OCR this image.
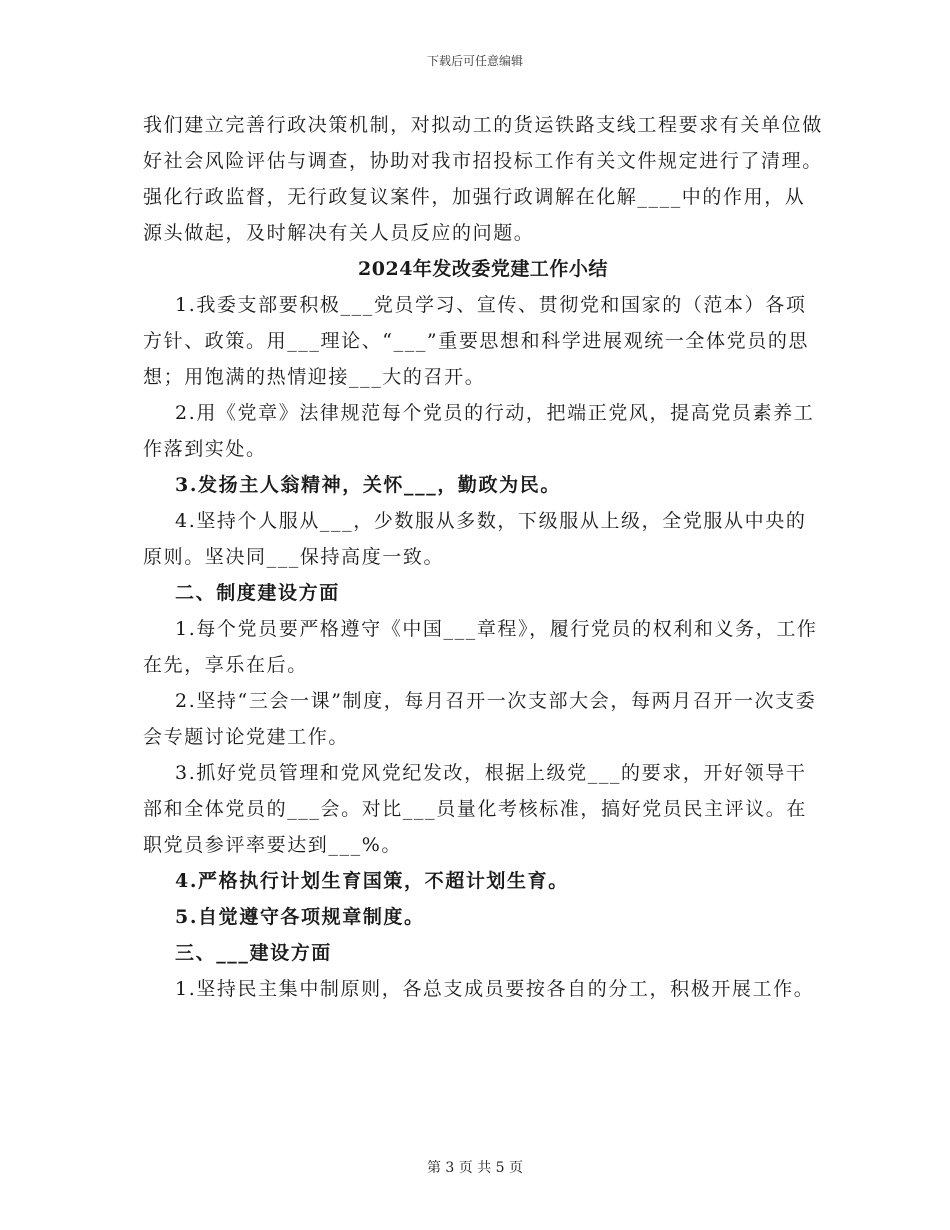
下载后可任意编辑

我们建立完善行政决策机制，对拟动工的货运铁路支线工程要求有关单位做好社会风险评估与调查，协助对我市招投标工作有关文件规定进行了清理。强化行政监督，无行政复议案件，加强行政调解在化解____中的作用，从源头做起，及时解决有关人员反应的问题。

2024年发改委党建工作小结

1.我委支部要积极___党员学习、宣传、贯彻党和国家的（范本）各项方针、政策。用___理论、“___”重要思想和科学进展观统一全体党员的思想；用饱满的热情迎接___大的召开。

2.用《党章》法律规范每个党员的行动，把端正党风，提高党员素养工作落到实处。

3.发扬主人翁精神，关怀___，勤政为民。

4.坚持个人服从___，少数服从多数，下级服从上级，全党服从中央的原则。坚决同___保持高度一致。

二、制度建设方面

1.每个党员要严格遵守《中国___章程》，履行党员的权利和义务，工作在先，享乐在后。

2.坚持“三会一课”制度，每月召开一次支部大会，每两月召开一次支委会专题讨论党建工作。

3.抓好党员管理和党风党纪发改，根据上级党___的要求，开好领导干部和全体党员的___会。对比___员量化考核标准，搞好党员民主评议。在职党员参评率要达到___%。

4.严格执行计划生育国策，不超计划生育。

5.自觉遵守各项规章制度。

三、___建设方面

1.坚持民主集中制原则，各总支成员要按各自的分工，积极开展工作。

第 3 页 共 5 页
